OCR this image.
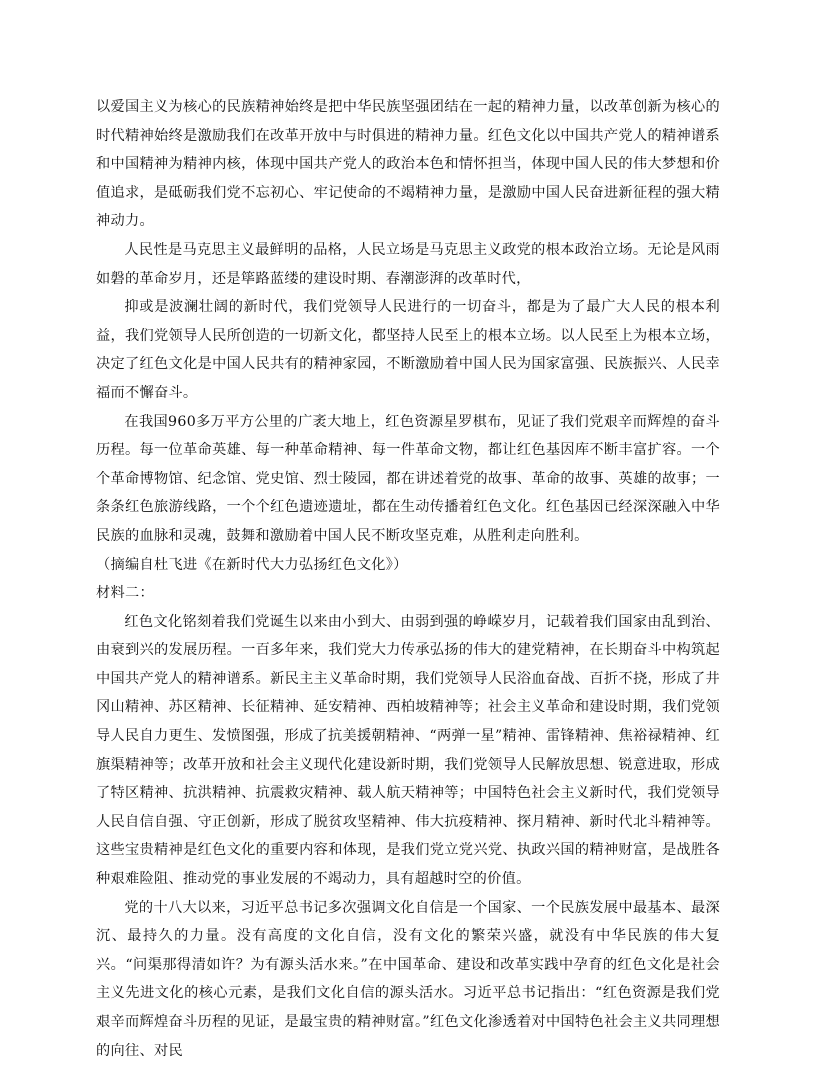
以爱国主义为核心的民族精神始终是把中华民族坚强团结在一起的精神力量，以改革创新为核心的时代精神始终是激励我们在改革开放中与时俱进的精神力量。红色文化以中国共产党人的精神谱系和中国精神为精神内核，体现中国共产党人的政治本色和情怀担当，体现中国人民的伟大梦想和价值追求，是砥砺我们党不忘初心、牢记使命的不竭精神力量，是激励中国人民奋进新征程的强大精神动力。

人民性是马克思主义最鲜明的品格，人民立场是马克思主义政党的根本政治立场。无论是风雨如磐的革命岁月，还是筚路蓝缕的建设时期、春潮澎湃的改革时代，

抑或是波澜壮阔的新时代，我们党领导人民进行的一切奋斗，都是为了最广大人民的根本利益，我们党领导人民所创造的一切新文化，都坚持人民至上的根本立场。以人民至上为根本立场，决定了红色文化是中国人民共有的精神家园，不断激励着中国人民为国家富强、民族振兴、人民幸福而不懈奋斗。

在我国960多万平方公里的广袤大地上，红色资源星罗棋布，见证了我们党艰辛而辉煌的奋斗历程。每一位革命英雄、每一种革命精神、每一件革命文物，都让红色基因库不断丰富扩容。一个个革命博物馆、纪念馆、党史馆、烈士陵园，都在讲述着党的故事、革命的故事、英雄的故事；一条条红色旅游线路，一个个红色遗迹遗址，都在生动传播着红色文化。红色基因已经深深融入中华民族的血脉和灵魂，鼓舞和激励着中国人民不断攻坚克难，从胜利走向胜利。

（摘编自杜飞进《在新时代大力弘扬红色文化》）

材料二：

红色文化铭刻着我们党诞生以来由小到大、由弱到强的峥嵘岁月，记载着我们国家由乱到治、由衰到兴的发展历程。一百多年来，我们党大力传承弘扬的伟大的建党精神，在长期奋斗中构筑起中国共产党人的精神谱系。新民主主义革命时期，我们党领导人民浴血奋战、百折不挠，形成了井冈山精神、苏区精神、长征精神、延安精神、西柏坡精神等；社会主义革命和建设时期，我们党领导人民自力更生、发愤图强，形成了抗美援朝精神、“两弹一星”精神、雷锋精神、焦裕禄精神、红旗渠精神等；改革开放和社会主义现代化建设新时期，我们党领导人民解放思想、锐意进取，形成了特区精神、抗洪精神、抗震救灾精神、载人航天精神等；中国特色社会主义新时代，我们党领导人民自信自强、守正创新，形成了脱贫攻坚精神、伟大抗疫精神、探月精神、新时代北斗精神等。这些宝贵精神是红色文化的重要内容和体现，是我们党立党兴党、执政兴国的精神财富，是战胜各种艰难险阻、推动党的事业发展的不竭动力，具有超越时空的价值。

党的十八大以来，习近平总书记多次强调文化自信是一个国家、一个民族发展中最基本、最深沉、最持久的力量。没有高度的文化自信，没有文化的繁荣兴盛，就没有中华民族的伟大复兴。“问渠那得清如许？为有源头活水来。”在中国革命、建设和改革实践中孕育的红色文化是社会主义先进文化的核心元素，是我们文化自信的源头活水。习近平总书记指出：“红色资源是我们党艰辛而辉煌奋斗历程的见证，是最宝贵的精神财富。”红色文化渗透着对中国特色社会主义共同理想的向往、对民
